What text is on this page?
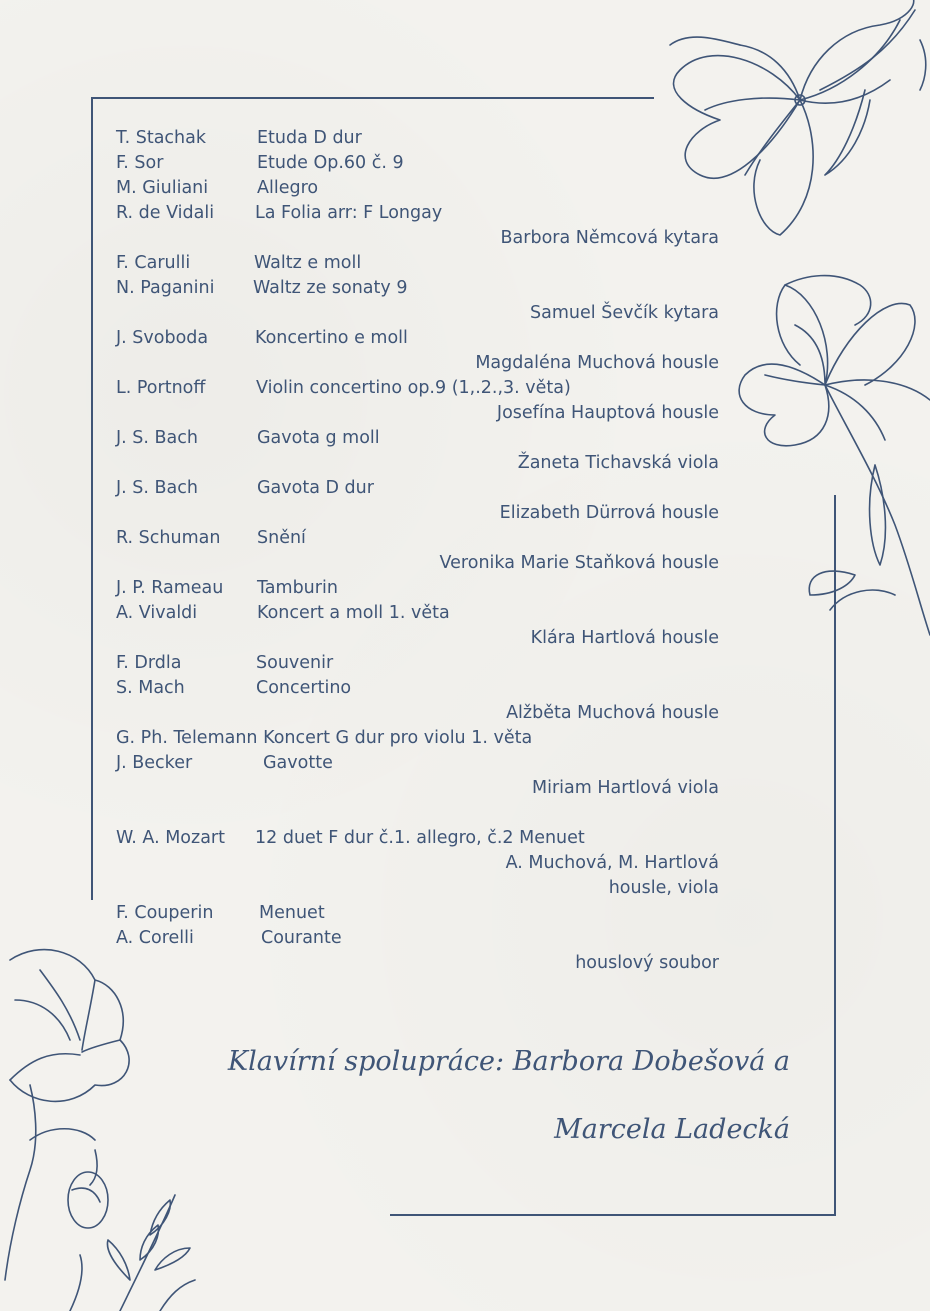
T. Stachak	Etuda D dur
F. Sor	Etude Op.60 č. 9
M. Giuliani	Allegro
R. de Vidali La Folia arr: F Longay
Barbora Němcová kytara
F. Carulli	Waltz e moll
N. Paganini Waltz ze sonaty 9
Samuel Ševčík kytara
J. Svoboda	Koncertino e moll
Magdaléna Muchová housle
L. Portnoff	Violin concertino op.9 (1,.2.,3. věta)
Josefína Hauptová housle
J. S. Bach	Gavota g moll
Žaneta Tichavská viola
J. S. Bach	Gavota D dur
Elizabeth Dürrová housle
R. Schuman Snění
Veronika Marie Staňková housle
J. P. Rameau Tamburin
A. Vivaldi	Koncert a moll 1. věta
Klára Hartlová housle
F. Drdla	Souvenir
S. Mach	Concertino
Alžběta Muchová housle
G. Ph. Telemann Koncert G dur pro violu 1. věta
J. Becker	Gavotte
Miriam Hartlová viola
W. A. Mozart 12 duet F dur č.1. allegro, č.2 Menuet
A. Muchová, M. Hartlová
housle, viola
F. Couperin	Menuet
A. Corelli	Courante
houslový soubor
Klavírní spolupráce: Barbora Dobešová a
Marcela Ladecká
